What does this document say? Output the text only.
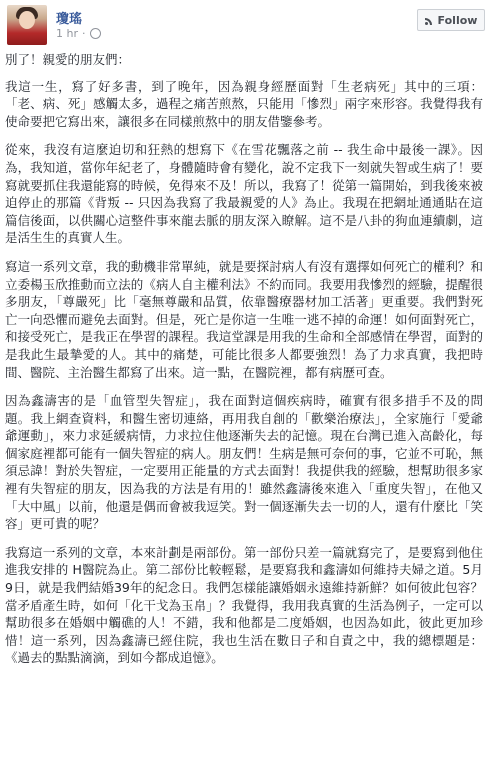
瓊瑤
1 hr ·
Follow

別了！親愛的朋友們：

我這一生，寫了好多書，到了晚年，因為親身經歷面對「生老病死」其中的三項：「老、病、死」感觸太多，過程之痛苦煎熬，只能用「慘烈」兩字來形容。我覺得我有使命要把它寫出來，讓很多在同樣煎熬中的朋友借鑒參考。

從來，我沒有這麼迫切和狂熱的想寫下《在雪花飄落之前 -- 我生命中最後一課》。因為，我知道，當你年紀老了，身體隨時會有變化，說不定我下一刻就失智或生病了！要寫就要抓住我還能寫的時候，免得來不及！所以，我寫了！從第一篇開始，到我後來被迫停止的那篇《背叛 -- 只因為我寫了我最親愛的人》為止。我現在把網址通通貼在這篇信後面，以供關心這整件事來龍去脈的朋友深入瞭解。這不是八卦的狗血連續劇，這是活生生的真實人生。

寫這一系列文章，我的動機非常單純，就是要探討病人有沒有選擇如何死亡的權利？和立委楊玉欣推動而立法的《病人自主權利法》不約而同。我要用我慘烈的經驗，提醒很多朋友，「尊嚴死」比「毫無尊嚴和品質，依靠醫療器材加工活著」更重要。我們對死亡一向恐懼而避免去面對。但是，死亡是你這一生唯一逃不掉的命運！如何面對死亡，和接受死亡，是我正在學習的課程。我這堂課是用我的生命和全部感情在學習，面對的是我此生最摯愛的人。其中的痛楚，可能比很多人都要強烈！為了力求真實，我把時間、醫院、主治醫生都寫了出來。這一點，在醫院裡，都有病歷可查。

因為鑫濤害的是「血管型失智症」，我在面對這個疾病時，確實有很多措手不及的問題。我上網查資料，和醫生密切連絡，再用我自創的「歡樂治療法」，全家施行「愛爺爺運動」，來力求延緩病情，力求拉住他逐漸失去的記憶。現在台灣已進入高齡化，每個家庭裡都可能有一個失智症的病人。朋友們！生病是無可奈何的事，它並不可恥，無須忌諱！對於失智症，一定要用正能量的方式去面對！我提供我的經驗，想幫助很多家裡有失智症的朋友，因為我的方法是有用的！雖然鑫濤後來進入「重度失智」，在他又「大中風」以前，他還是偶而會被我逗笑。對一個逐漸失去一切的人，還有什麼比「笑容」更可貴的呢？

我寫這一系列的文章，本來計劃是兩部份。第一部份只差一篇就寫完了，是要寫到他住進我安排的 H醫院為止。第二部份比較輕鬆，是要寫我和鑫濤如何維持夫婦之道。5月9日，就是我們結婚39年的紀念日。我們怎樣能讓婚姻永遠維持新鮮？如何彼此包容？當矛盾產生時，如何「化干戈為玉帛」？我覺得，我用我真實的生活為例子，一定可以幫助很多在婚姻中觸礁的人！不錯，我和他都是二度婚姻，也因為如此，彼此更加珍惜！這一系列，因為鑫濤已經住院，我也生活在數日子和自責之中，我的總標題是：《過去的點點滴滴，到如今都成追憶》。
